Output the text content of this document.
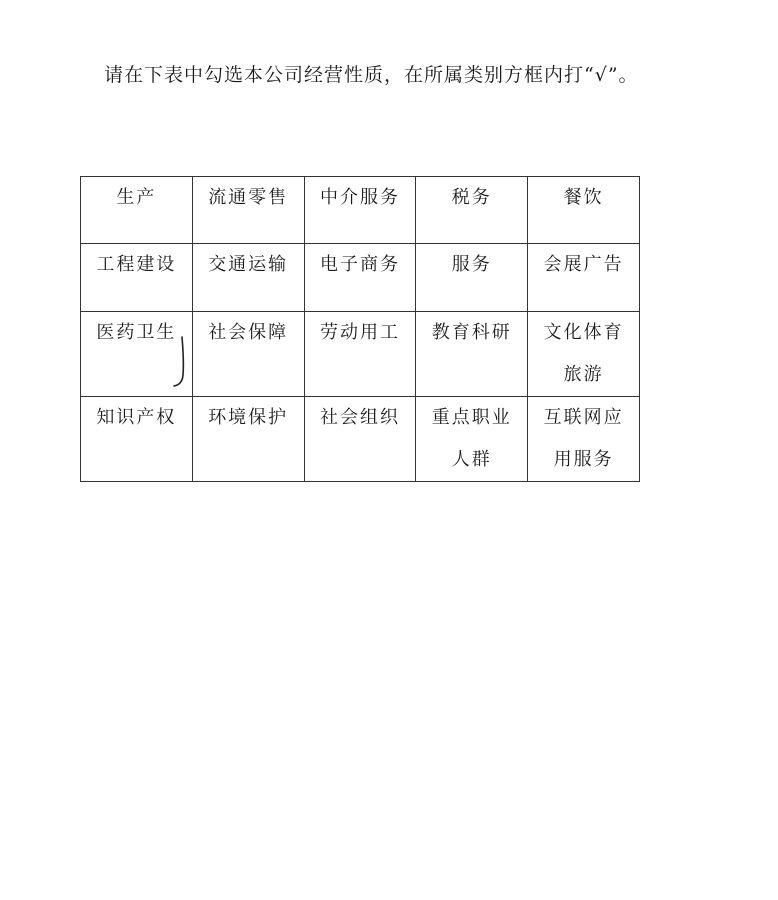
请在下表中勾选本公司经营性质，在所属类别方框内打“√”。
生产	流通零售	中介服务	税务	餐饮
工程建设	交通运输	电子商务	服务	会展广告
医药卫生	社会保障	劳动用工	教育科研	文化体育旅游
知识产权	环境保护	社会组织	重点职业人群	互联网应用服务
